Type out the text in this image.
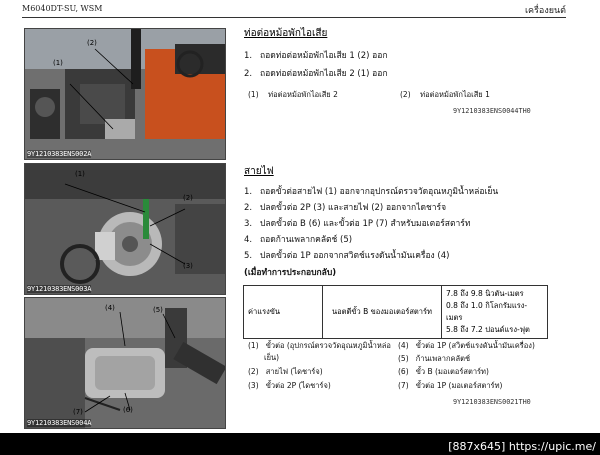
M6040DT-SU, WSM	เครื่องยนต์
(2)
(1)
9Y1210383ENS002A
(1)
(2)
(3)
9Y1210383ENS003A
(4)	(5)
(6)
(7)
9Y1210383ENS004A
ท่อต่อหม้อพักไอเสีย
1. ถอดท่อต่อหม้อพักไอเสีย 1 (2) ออก
2. ถอดท่อต่อหม้อพักไอเสีย 2 (1) ออก
(1) ท่อต่อหม้อพักไอเสีย 2	(2) ท่อต่อหม้อพักไอเสีย 1
9Y1210383ENS0044TH0
สายไฟ
1. ถอดขั้วต่อสายไฟ (1) ออกจากอุปกรณ์ตรวจวัดอุณหภูมิน้ำหล่อเย็น
2. ปลดขั้วต่อ 2P (3) และสายไฟ (2) ออกจากไดชาร์จ
3. ปลดขั้วต่อ B (6) และขั้วต่อ 1P (7) สำหรับมอเตอร์สตาร์ท
4. ถอดก้านเพลากคลัตช์ (5)
5. ปลดขั้วต่อ 1P ออกจากสวิตช์แรงดันน้ำมันเครื่อง (4)
(เมื่อทำการประกอบกลับ)
ค่าแรงขัน	นอตตีขั้ว B ของมอเตอร์สตาร์ท	
7.8 ถึง 9.8 นิวตัน-เมตร
0.8 ถึง 1.0 กิโลกรัมแรง-เมตร
5.8 ถึง 7.2 ปอนด์แรง-ฟุต
(1) ขั้วต่อ (อุปกรณ์ตรวจวัดอุณหภูมิน้ำหล่อ
เย็น)
(2) สายไฟ (ไดชาร์จ)
(3) ขั้วต่อ 2P (ไดชาร์จ)
(4) ขั้วต่อ 1P (สวิตช์แรงดันน้ำมันเครื่อง)
(5) ก้านเพลากคลัตช์
(6) ขั้ว B (มอเตอร์สตาร์ท)
(7) ขั้วต่อ 1P (มอเตอร์สตาร์ท)
9Y1210383ENS0021TH0
[887x645] https://upic.me/
